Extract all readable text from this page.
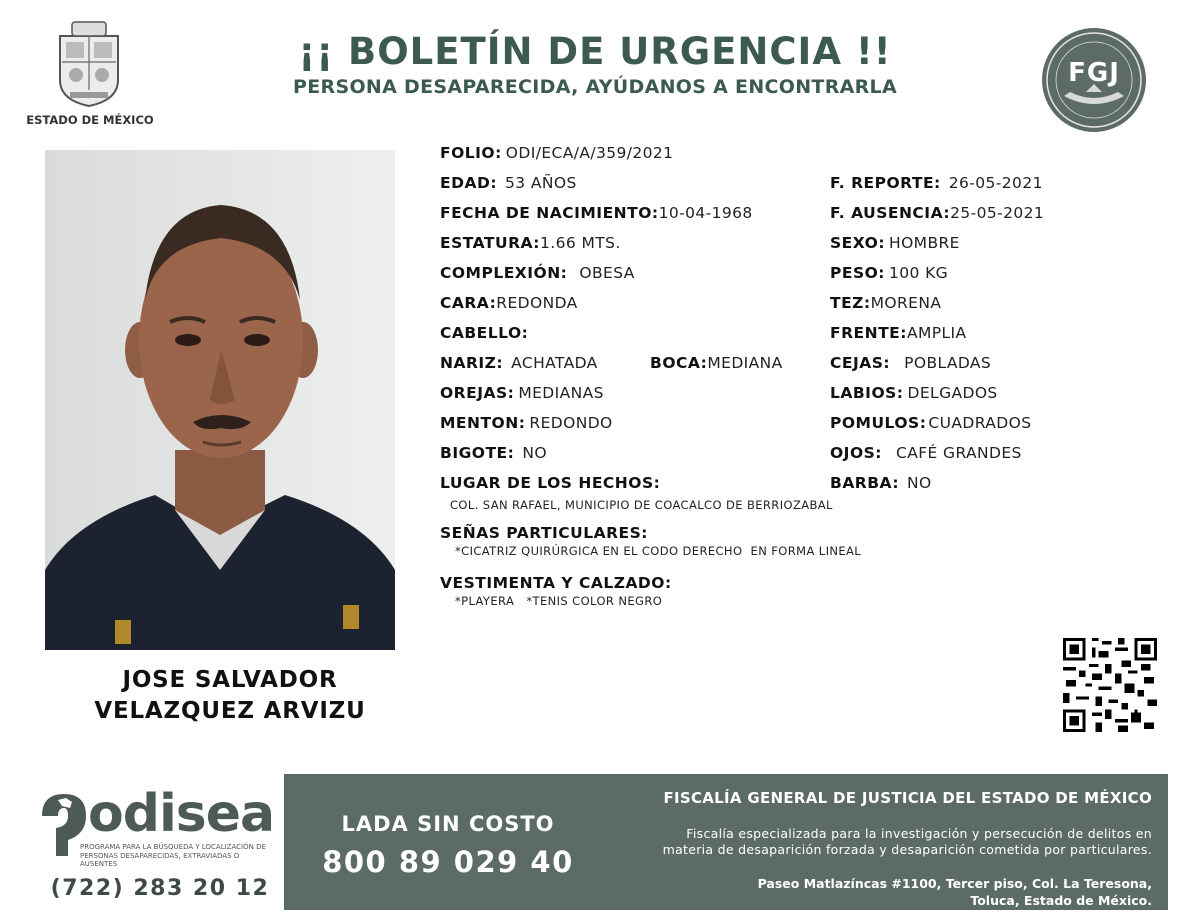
ESTADO DE MÉXICO
¡¡ BOLETÍN DE URGENCIA !!
PERSONA DESAPARECIDA, AYÚDANOS A ENCONTRARLA	FGJ
JOSE SALVADOR
VELAZQUEZ ARVIZU
FOLIO: ODI/ECA/A/359/2021
EDAD: 53 AÑOS	F. REPORTE: 26-05-2021
FECHA DE NACIMIENTO:10-04-1968	F. AUSENCIA:25-05-2021
ESTATURA:1.66 MTS.	SEXO: HOMBRE
COMPLEXIÓN: OBESA	PESO: 100 KG
CARA:REDONDA	TEZ:MORENA
CABELLO:	FRENTE:AMPLIA
NARIZ: ACHATADA	BOCA:MEDIANA	CEJAS: POBLADAS
OREJAS: MEDIANAS	LABIOS: DELGADOS
MENTON: REDONDO	POMULOS: CUADRADOS
BIGOTE: NO	OJOS: CAFÉ GRANDES
LUGAR DE LOS HECHOS:	BARBA: NO
COL. SAN RAFAEL, MUNICIPIO DE COACALCO DE BERRIOZABAL
SEÑAS PARTICULARES:
*CICATRIZ QUIRÚRGICA EN EL CODO DERECHO  EN FORMA LINEAL
VESTIMENTA Y CALZADO:
*PLAYERA   *TENIS COLOR NEGRO
odisea
PROGRAMA PARA LA BÚSQUEDA Y LOCALIZACIÓN DE PERSONAS DESAPARECIDAS, EXTRAVIADAS O AUSENTES
(722) 283 20 12
LADA SIN COSTO
800 89 029 40
FISCALÍA GENERAL DE JUSTICIA DEL ESTADO DE MÉXICO
Fiscalía especializada para la investigación y persecución de delitos en
materia de desaparición forzada y desaparición cometida por particulares.
Paseo Matlazíncas #1100, Tercer piso, Col. La Teresona,
Toluca, Estado de México.
